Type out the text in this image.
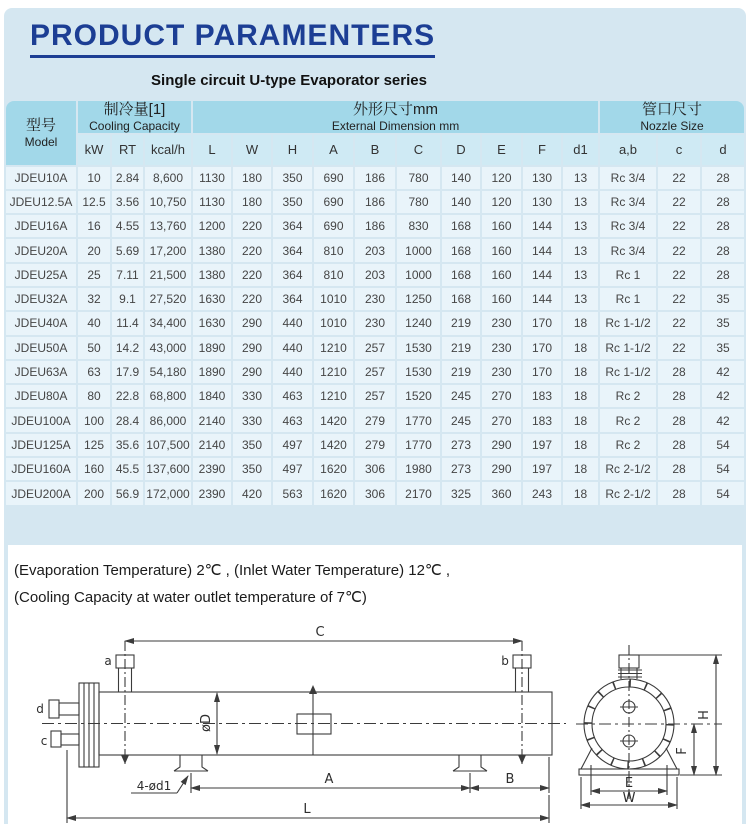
PRODUCT PARAMENTERS
Single circuit U-type Evaporator series
型号
Model

制冷量[1]
Cooling Capacity

外形尺寸mm
External Dimension mm

管口尺寸
Nozzle Size

	kW	RT	kcal/h	L	W	H	A	B	C	D	E	F	d1	a,b	c	d
JDEU10A	10	2.84	8,600	1130	180	350	690	186	780	140	120	130	13	Rc 3/4	22	28
JDEU12.5A	12.5	3.56	10,750	1130	180	350	690	186	780	140	120	130	13	Rc 3/4	22	28
JDEU16A	16	4.55	13,760	1200	220	364	690	186	830	168	160	144	13	Rc 3/4	22	28
JDEU20A	20	5.69	17,200	1380	220	364	810	203	1000	168	160	144	13	Rc 3/4	22	28
JDEU25A	25	7.11	21,500	1380	220	364	810	203	1000	168	160	144	13	Rc 1	22	28
JDEU32A	32	9.1	27,520	1630	220	364	1010	230	1250	168	160	144	13	Rc 1	22	35
JDEU40A	40	11.4	34,400	1630	290	440	1010	230	1240	219	230	170	18	Rc 1-1/2	22	35
JDEU50A	50	14.2	43,000	1890	290	440	1210	257	1530	219	230	170	18	Rc 1-1/2	22	35
JDEU63A	63	17.9	54,180	1890	290	440	1210	257	1530	219	230	170	18	Rc 1-1/2	28	42
JDEU80A	80	22.8	68,800	1840	330	463	1210	257	1520	245	270	183	18	Rc 2	28	42
JDEU100A	100	28.4	86,000	2140	330	463	1420	279	1770	245	270	183	18	Rc 2	28	42
JDEU125A	125	35.6	107,500	2140	350	497	1420	279	1770	273	290	197	18	Rc 2	28	54
JDEU160A	160	45.5	137,600	2390	350	497	1620	306	1980	273	290	197	18	Rc 2-1/2	28	54
JDEU200A	200	56.9	172,000	2390	420	563	1620	306	2170	325	360	243	18	Rc 2-1/2	28	54
(Evaporation Temperature) 2℃ , (Inlet Water Temperature) 12℃ ,
(Cooling Capacity at water outlet temperature of 7℃)
a	b
d
c
C
øD
A	B
L
4-ød1
H
F
E
W
